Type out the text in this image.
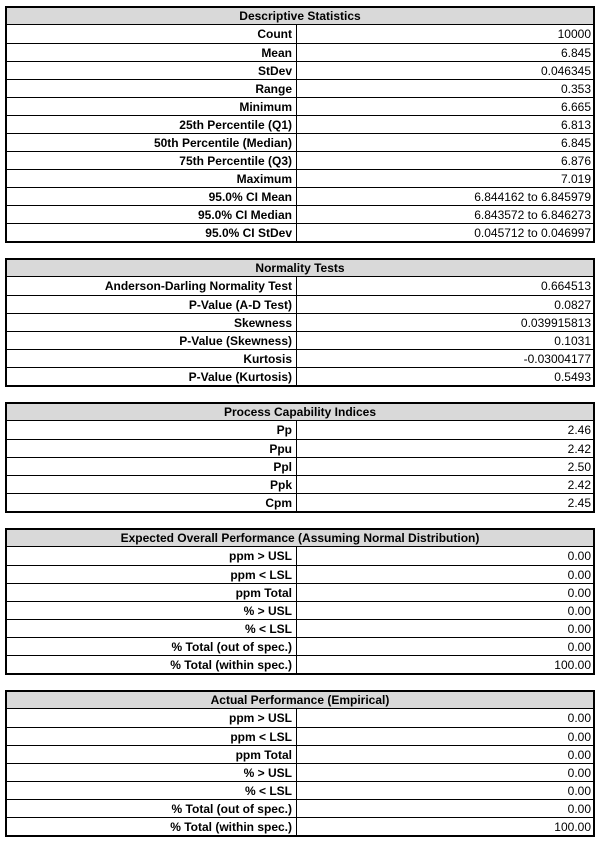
Descriptive Statistics
Count	10000
Mean	6.845
StDev	0.046345
Range	0.353
Minimum	6.665
25th Percentile (Q1)	6.813
50th Percentile (Median)	6.845
75th Percentile (Q3)	6.876
Maximum	7.019
95.0% CI Mean	6.844162 to 6.845979
95.0% CI Median	6.843572 to 6.846273
95.0% CI StDev	0.045712 to 0.046997
Normality Tests
Anderson-Darling Normality Test	0.664513
P-Value (A-D Test)	0.0827
Skewness	0.039915813
P-Value (Skewness)	0.1031
Kurtosis	-0.03004177
P-Value (Kurtosis)	0.5493
Process Capability Indices
Pp	2.46
Ppu	2.42
Ppl	2.50
Ppk	2.42
Cpm	2.45
Expected Overall Performance (Assuming Normal Distribution)
ppm > USL	0.00
ppm < LSL	0.00
ppm Total	0.00
% > USL	0.00
% < LSL	0.00
% Total (out of spec.)	0.00
% Total (within spec.)	100.00
Actual Performance (Empirical)
ppm > USL	0.00
ppm < LSL	0.00
ppm Total	0.00
% > USL	0.00
% < LSL	0.00
% Total (out of spec.)	0.00
% Total (within spec.)	100.00
